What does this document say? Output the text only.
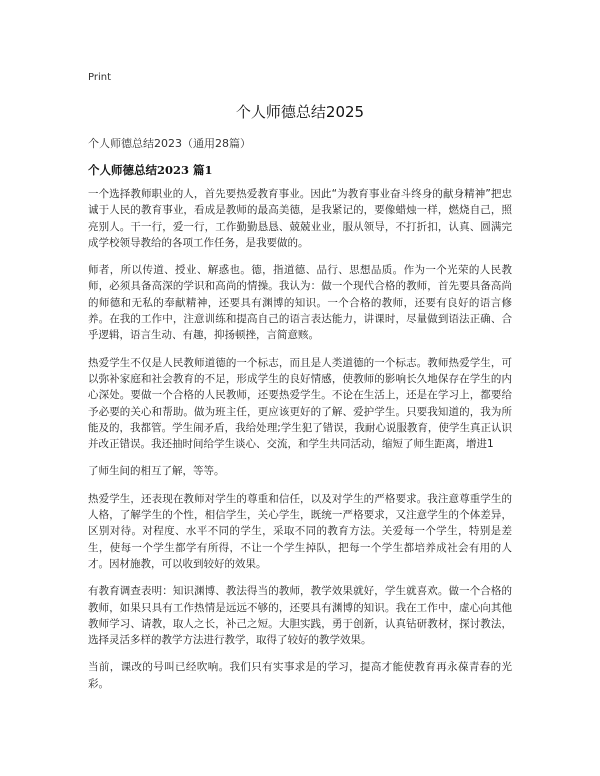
Print
个人师德总结2025
个人师德总结2023（通用28篇）
个人师德总结2023 篇1

一个选择教师职业的人，首先要热爱教育事业。因此“为教育事业奋斗终身的献身精神”把忠诚于人民的教育事业，看成是教师的最高美德，是我紧记的，要像蜡烛一样，燃烧自己，照亮别人。干一行，爱一行，工作勤勤恳恳、兢兢业业，服从领导，不打折扣，认真、圆满完成学校领导教给的各项工作任务，是我要做的。

师者，所以传道、授业、解惑也。德，指道德、品行、思想品质。作为一个光荣的人民教师，必须具备高深的学识和高尚的情操。我认为：做一个现代合格的教师，首先要具备高尚的师德和无私的奉献精神，还要具有渊博的知识。一个合格的教师，还要有良好的语言修养。在我的工作中，注意训练和提高自己的语言表达能力，讲课时，尽量做到语法正确、合乎逻辑，语言生动、有趣，抑扬顿挫，言简意赅。

热爱学生不仅是人民教师道德的一个标志，而且是人类道德的一个标志。教师热爱学生，可以弥补家庭和社会教育的不足，形成学生的良好情感，使教师的影响长久地保存在学生的内心深处。要做一个合格的人民教师，还要热爱学生。不论在生活上，还是在学习上，都要给予必要的关心和帮助。做为班主任，更应该更好的了解、爱护学生。只要我知道的，我为所能及的，我都管。学生闹矛盾，我给处理;学生犯了错误，我耐心说服教育，使学生真正认识并改正错误。我还抽时间给学生谈心、交流，和学生共同活动，缩短了师生距离，增进1

了师生间的相互了解，等等。

热爱学生，还表现在教师对学生的尊重和信任，以及对学生的严格要求。我注意尊重学生的人格，了解学生的个性，相信学生，关心学生，既统一严格要求，又注意学生的个体差异，区别对待。对程度、水平不同的学生，采取不同的教育方法。关爱每一个学生，特别是差生，使每一个学生都学有所得，不让一个学生掉队，把每一个学生都培养成社会有用的人才。因材施教，可以收到较好的效果。

有教育调查表明：知识渊博、教法得当的教师，教学效果就好，学生就喜欢。做一个合格的教师，如果只具有工作热情是远远不够的，还要具有渊博的知识。我在工作中，虚心向其他教师学习、请教，取人之长，补己之短。大胆实践，勇于创新，认真钻研教材，探讨教法，选择灵活多样的教学方法进行教学，取得了较好的教学效果。

当前，课改的号叫已经吹响。我们只有实事求是的学习，提高才能使教育再永葆青春的光彩。
